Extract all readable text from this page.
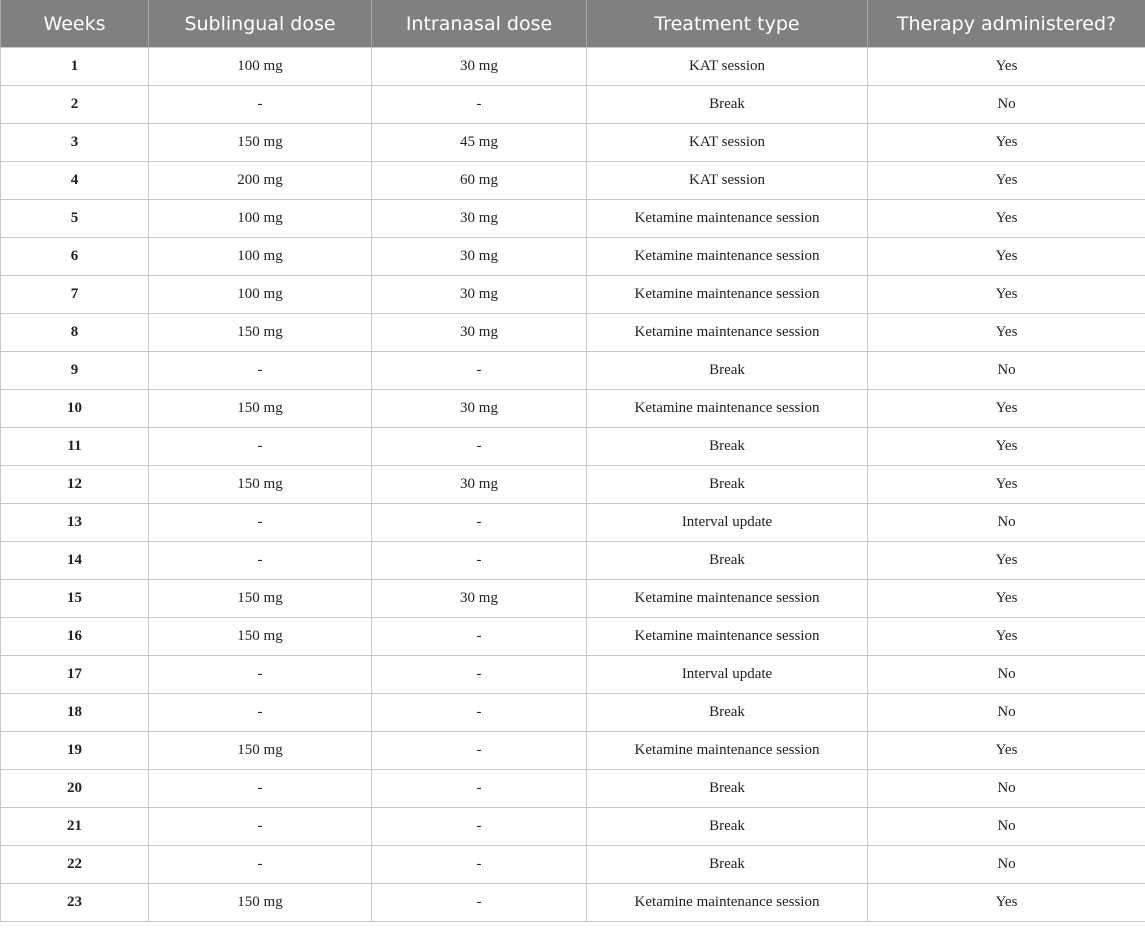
Weeks	Sublingual dose	Intranasal dose	Treatment type	Therapy administered?
1	100 mg	30 mg	KAT session	Yes
2	-	-	Break	No
3	150 mg	45 mg	KAT session	Yes
4	200 mg	60 mg	KAT session	Yes
5	100 mg	30 mg	Ketamine maintenance session	Yes
6	100 mg	30 mg	Ketamine maintenance session	Yes
7	100 mg	30 mg	Ketamine maintenance session	Yes
8	150 mg	30 mg	Ketamine maintenance session	Yes
9	-	-	Break	No
10	150 mg	30 mg	Ketamine maintenance session	Yes
11	-	-	Break	Yes
12	150 mg	30 mg	Break	Yes
13	-	-	Interval update	No
14	-	-	Break	Yes
15	150 mg	30 mg	Ketamine maintenance session	Yes
16	150 mg	-	Ketamine maintenance session	Yes
17	-	-	Interval update	No
18	-	-	Break	No
19	150 mg	-	Ketamine maintenance session	Yes
20	-	-	Break	No
21	-	-	Break	No
22	-	-	Break	No
23	150 mg	-	Ketamine maintenance session	Yes
